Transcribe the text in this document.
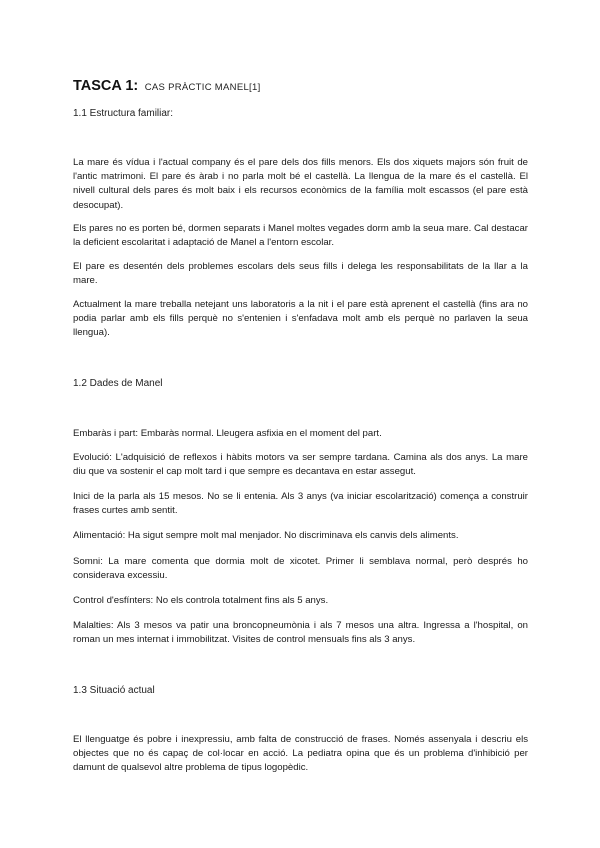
TASCA 1: CAS PRÀCTIC MANEL[1]
1.1 Estructura familiar:

La mare és vídua i l'actual company és el pare dels dos fills menors. Els dos xiquets majors són fruit de l'antic matrimoni. El pare és àrab i no parla molt bé el castellà. La llengua de la mare és el castellà. El nivell cultural dels pares és molt baix i els recursos econòmics de la família molt escassos (el pare està desocupat).

Els pares no es porten bé, dormen separats i Manel moltes vegades dorm amb la seua mare. Cal destacar la deficient escolaritat i adaptació de Manel a l'entorn escolar.

El pare es desentén dels problemes escolars dels seus fills i delega les responsabilitats de la llar a la mare.

Actualment la mare treballa netejant uns laboratoris a la nit i el pare està aprenent el castellà (fins ara no podia parlar amb els fills perquè no s'entenien i s'enfadava molt amb els perquè no parlaven la seua llengua).

1.2 Dades de Manel

Embaràs i part: Embaràs normal. Lleugera asfixia en el moment del part.

Evolució: L'adquisició de reflexos i hàbits motors va ser sempre tardana. Camina als dos anys. La mare diu que va sostenir el cap molt tard i que sempre es decantava en estar assegut.

Inici de la parla als 15 mesos. No se li entenia. Als 3 anys (va iniciar escolarització) comença a construir frases curtes amb sentit.

Alimentació: Ha sigut sempre molt mal menjador. No discriminava els canvis dels aliments.

Somni: La mare comenta que dormia molt de xicotet. Primer li semblava normal, però després ho considerava excessiu.

Control d'esfínters: No els controla totalment fins als 5 anys.

Malalties: Als 3 mesos va patir una broncopneumònia i als 7 mesos una altra. Ingressa a l'hospital, on roman un mes internat i immobilitzat. Visites de control mensuals fins als 3 anys.

1.3 Situació actual

El llenguatge és pobre i inexpressiu, amb falta de construcció de frases. Només assenyala i descriu els objectes que no és capaç de col·locar en acció. La pediatra opina que és un problema d'inhibició per damunt de qualsevol altre problema de tipus logopèdic.
